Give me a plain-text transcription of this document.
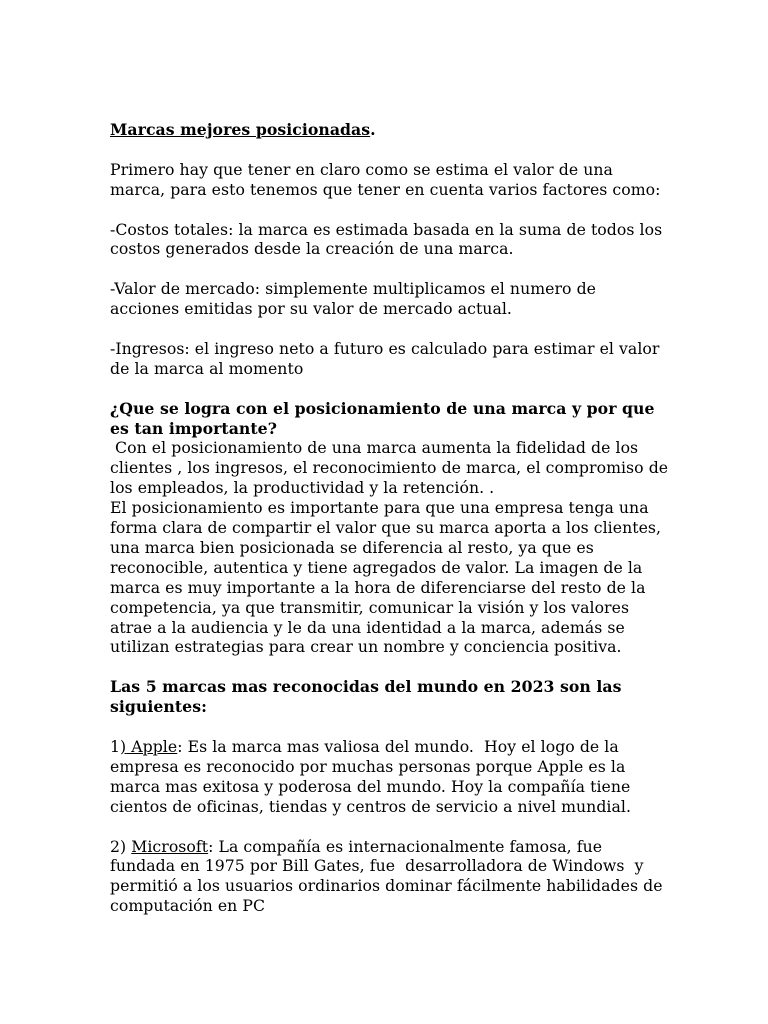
Marcas mejores posicionadas.

Primero hay que tener en claro como se estima el valor de una marca, para esto tenemos que tener en cuenta varios factores como:

-Costos totales: la marca es estimada basada en la suma de todos los costos generados desde la creación de una marca.

-Valor de mercado: simplemente multiplicamos el numero de acciones emitidas por su valor de mercado actual.

-Ingresos: el ingreso neto a futuro es calculado para estimar el valor de la marca al momento

¿Que se logra con el posicionamiento de una marca y por que es tan importante?

Con el posicionamiento de una marca aumenta la fidelidad de los clientes , los ingresos, el reconocimiento de marca, el compromiso de los empleados, la productividad y la retención. .

El posicionamiento es importante para que una empresa tenga una forma clara de compartir el valor que su marca aporta a los clientes, una marca bien posicionada se diferencia al resto, ya que es reconocible, autentica y tiene agregados de valor. La imagen de la marca es muy importante a la hora de diferenciarse del resto de la competencia, ya que transmitir, comunicar la visión y los valores  atrae a la audiencia y le da una identidad a la marca, además se utilizan estrategias para crear un nombre y conciencia positiva.

Las 5 marcas mas reconocidas del mundo en 2023 son las siguientes:

1) Apple: Es la marca mas valiosa del mundo.  Hoy el logo de la empresa es reconocido por muchas personas porque Apple es la marca mas exitosa y poderosa del mundo. Hoy la compañía tiene cientos de oficinas, tiendas y centros de servicio a nivel mundial.

2) Microsoft: La compañía es internacionalmente famosa, fue fundada en 1975 por Bill Gates, fue  desarrolladora de Windows  y permitió a los usuarios ordinarios dominar fácilmente habilidades de computación en PC
